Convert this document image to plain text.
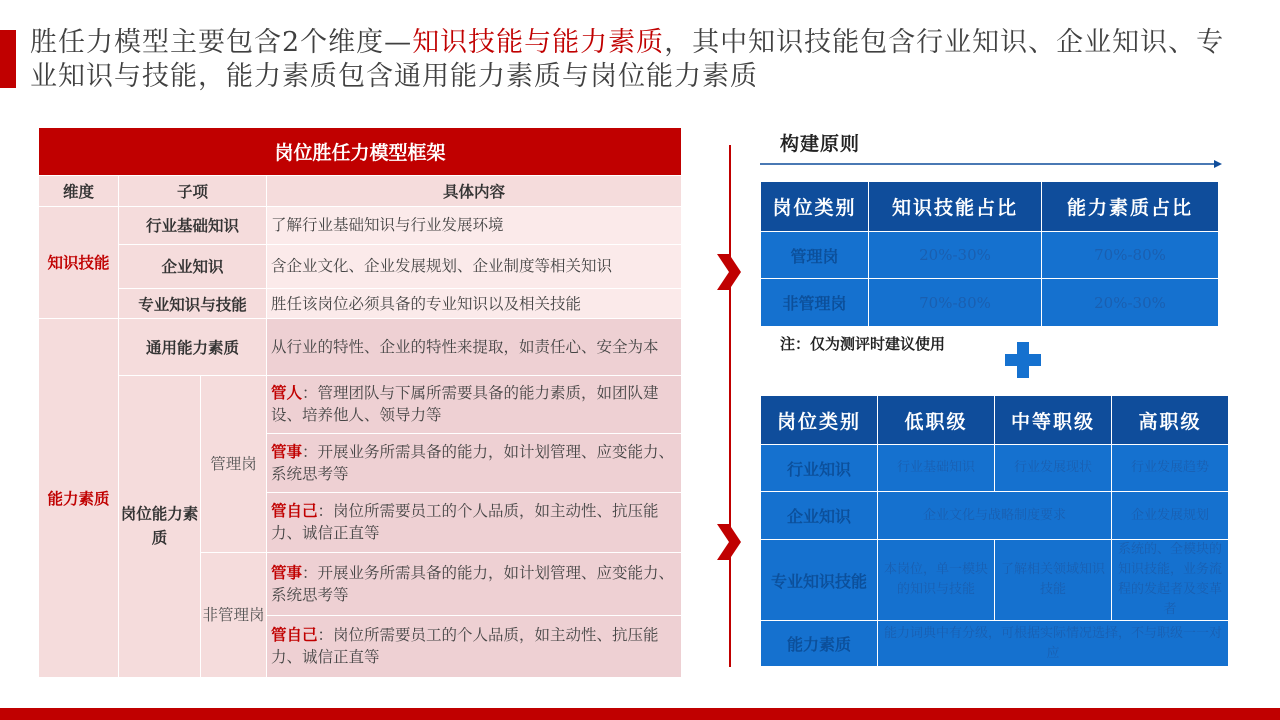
胜任力模型主要包含2个维度—知识技能与能力素质，其中知识技能包含行业知识、企业知识、专业知识与技能，能力素质包含通用能力素质与岗位能力素质
岗位胜任力模型框架			
维度	子项		具体内容
知识技能	行业基础知识		了解行业基础知识与行业发展环境
	企业知识		含企业文化、企业发展规划、企业制度等相关知识
	专业知识与技能		胜任该岗位必须具备的专业知识以及相关技能
能力素质	通用能力素质		从行业的特性、企业的特性来提取，如责任心、安全为本
	岗位能力素质	管理岗	管人：管理团队与下属所需要具备的能力素质，如团队建设、培养他人、领导力等
			管事：开展业务所需具备的能力，如计划管理、应变能力、系统思考等
			管自己：岗位所需要员工的个人品质，如主动性、抗压能力、诚信正直等
		非管理岗	管事：开展业务所需具备的能力，如计划管理、应变能力、系统思考等
			管自己：岗位所需要员工的个人品质，如主动性、抗压能力、诚信正直等
构建原则
岗位类别	知识技能占比	能力素质占比
管理岗	20%-30%	70%-80%
非管理岗	70%-80%	20%-30%
注：仅为测评时建议使用
岗位类别	低职级	中等职级	高职级
行业知识	行业基础知识	行业发展现状	行业发展趋势
企业知识	企业文化与战略制度要求		企业发展规划
专业知识技能	本岗位，单一模块的知识与技能	了解相关领域知识技能	系统的、全模块的知识技能，业务流程的发起者及变革者
能力素质	能力词典中有分级，可根据实际情况选择，不与职级一一对应		
